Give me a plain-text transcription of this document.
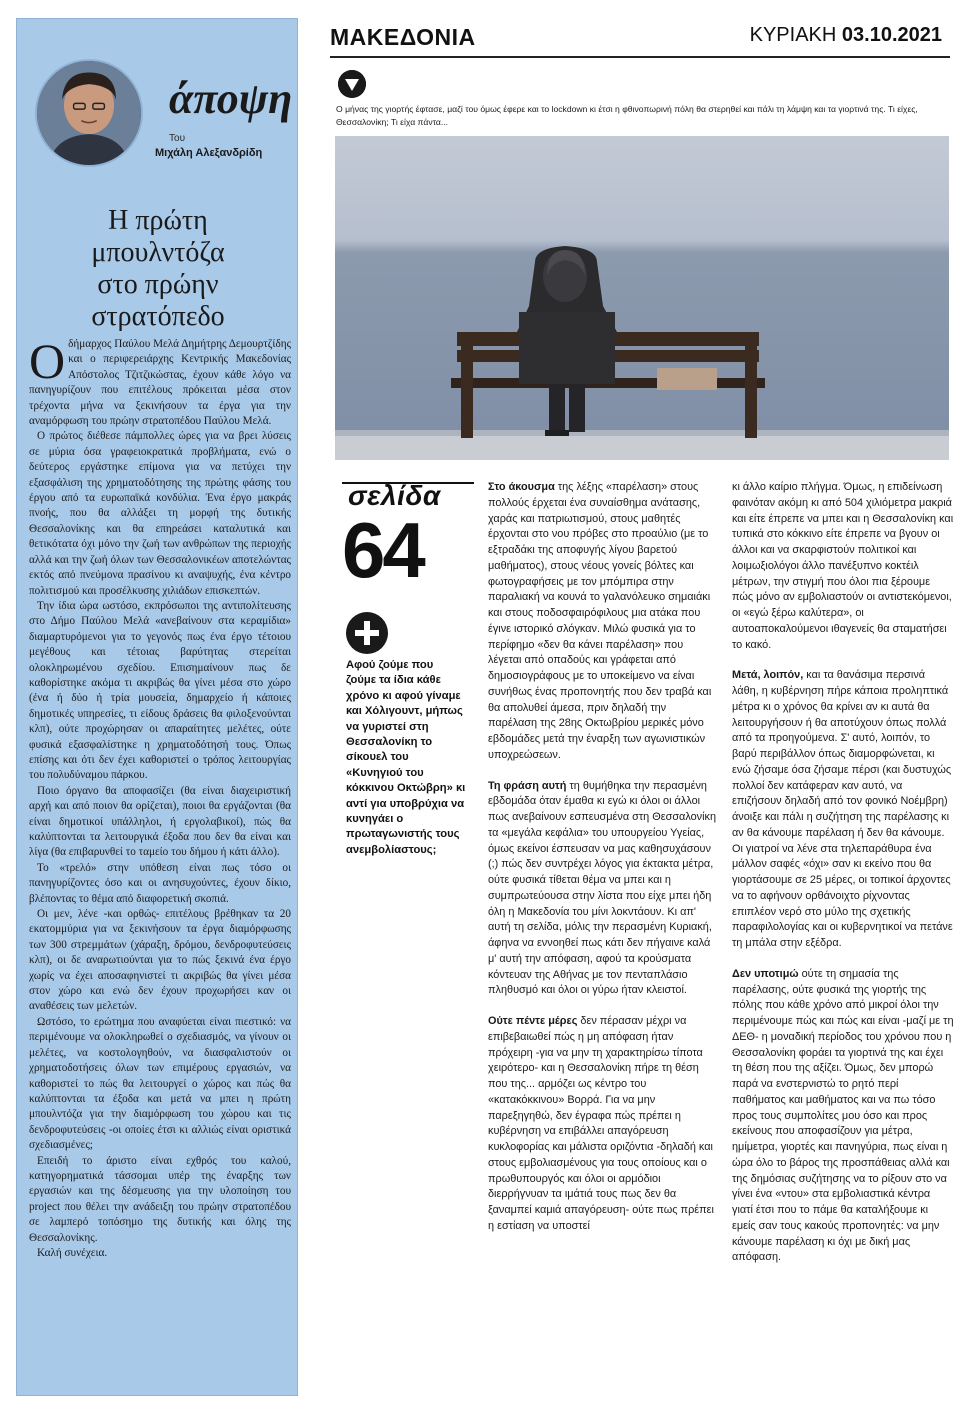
άποψη
Του
Μιχάλη Αλεξανδρίδη
Η πρώτη
μπουλντόζα
στο πρώην
στρατόπεδο

Ο δήμαρχος Παύλου Μελά Δημήτρης Δεμουρτζίδης και ο περιφερειάρχης Κεντρικής Μακεδονίας Απόστολος Τζιτζικώστας, έχουν κάθε λόγο να πανηγυρίζουν που επιτέλους πρόκειται μέσα στον τρέχοντα μήνα να ξεκινήσουν τα έργα για την αναμόρφωση του πρώην στρατοπέδου Παύλου Μελά.

Ο πρώτος διέθεσε πάμπολλες ώρες για να βρει λύσεις σε μύρια όσα γραφειοκρατικά προβλήματα, ενώ ο δεύτερος εργάστηκε επίμονα για να πετύχει την εξασφάλιση της χρηματοδότησης της πρώτης φάσης του έργου από τα ευρωπαϊκά κονδύλια. Ένα έργο μακράς πνοής, που θα αλλάξει τη μορφή της δυτικής Θεσσαλονίκης και θα επηρεάσει καταλυτικά και θετικότατα όχι μόνο την ζωή των ανθρώπων της περιοχής αλλά και την ζωή όλων των Θεσσαλονικέων αποτελώντας εκτός από πνεύμονα πρασίνου κι αναψυχής, ένα κέντρο πολιτισμού και προσέλκυσης χιλιάδων επισκεπτών.

Την ίδια ώρα ωστόσο, εκπρόσωποι της αντιπολίτευσης στο Δήμο Παύλου Μελά «ανεβαίνουν στα κεραμίδια» διαμαρτυρόμενοι για το γεγονός πως ένα έργο τέτοιου μεγέθους και τέτοιας βαρύτητας στερείται ολοκληρωμένου σχεδίου. Επισημαίνουν πως δε καθορίστηκε ακόμα τι ακριβώς θα γίνει μέσα στο χώρο (ένα ή δύο ή τρία μουσεία, δημαρχείο ή κάποιες δημοτικές υπηρεσίες, τι είδους δράσεις θα φιλοξενούνται κλπ), ούτε προχώρησαν οι απαραίτητες μελέτες, ούτε φυσικά εξασφαλίστηκε η χρηματοδότησή τους. Όπως επίσης και ότι δεν έχει καθοριστεί ο τρόπος λειτουργίας του πολυδύναμου πάρκου.

Ποιο όργανο θα αποφασίζει (θα είναι διαχειριστική αρχή και από ποιον θα ορίζεται), ποιοι θα εργάζονται (θα είναι δημοτικοί υπάλληλοι, ή εργολαβικοί), πώς θα καλύπτονται τα λειτουργικά έξοδα που δεν θα είναι και λίγα (θα επιβαρυνθεί το ταμείο του δήμου ή κάτι άλλο).

Το «τρελό» στην υπόθεση είναι πως τόσο οι πανηγυρίζοντες όσο και οι ανησυχούντες, έχουν δίκιο, βλέποντας το θέμα από διαφορετική σκοπιά.

Οι μεν, λένε -και ορθώς- επιτέλους βρέθηκαν τα 20 εκατομμύρια για να ξεκινήσουν τα έργα διαμόρφωσης των 300 στρεμμάτων (χάραξη, δρόμου, δενδροφυτεύσεις κλπ), οι δε αναρωτιούνται για το πώς ξεκινά ένα έργο χωρίς να έχει αποσαφηνιστεί τι ακριβώς θα γίνει μέσα στον χώρο και ενώ δεν έχουν προχωρήσει καν οι αναθέσεις των μελετών.

Ωστόσο, το ερώτημα που αναφύεται είναι πιεστικό: να περιμένουμε να ολοκληρωθεί ο σχεδιασμός, να γίνουν οι μελέτες, να κοστολογηθούν, να διασφαλιστούν οι χρηματοδοτήσεις όλων των επιμέρους εργασιών, να καθοριστεί το πώς θα λειτουργεί ο χώρος και πώς θα καλύπτονται τα έξοδα και μετά να μπει η πρώτη μπουλντόζα για την διαμόρφωση του χώρου και τις δενδροφυτεύσεις -οι οποίες έτσι κι αλλιώς είναι οριστικά σχεδιασμένες;

Επειδή το άριστο είναι εχθρός του καλού, κατηγορηματικά τάσσομαι υπέρ της έναρξης των εργασιών και της δέσμευσης για την υλοποίηση του project που θέλει την ανάδειξη του πρώην στρατοπέδου σε λαμπερό τοπόσημο της δυτικής και όλης της Θεσσαλονίκης.

Καλή συνέχεια.

ΜΑΚΕΔΟΝΙΑ	ΚΥΡΙΑΚΗ 03.10.2021
Ο μήνας της γιορτής έφτασε, μαζί του όμως έφερε και το lockdown κι έτσι η φθινοπωρινή πόλη θα στερηθεί και πάλι τη λάμψη και τα γιορτινά της. Τι είχες, Θεσσαλονίκη; Τι είχα πάντα...
σελίδα
64
Αφού ζούμε που ζούμε τα ίδια κάθε χρόνο κι αφού γίναμε και Χόλιγουντ, μήπως να γυριστεί στη Θεσσαλονίκη το σίκουελ του «Κυνηγιού του κόκκινου Οκτώβρη» κι αντί για υποβρύχια να κυνηγάει ο πρωταγωνιστής τους ανεμβολίαστους;

Στο άκουσμα της λέξης «παρέλαση» στους πολλούς έρχεται ένα συναίσθημα ανάτασης, χαράς και πατριωτισμού, στους μαθητές έρχονται στο νου πρόβες στο προαύλιο (με το εξτραδάκι της αποφυγής λίγου βαρετού μαθήματος), στους νέους γονείς βόλτες και φωτογραφήσεις με τον μπόμπιρα στην παραλιακή να κουνά το γαλανόλευκο σημαιάκι και στους ποδοσφαιρόφιλους μια ατάκα που έγινε ιστορικό σλόγκαν. Μιλώ φυσικά για το περίφημο «δεν θα κάνει παρέλαση» που λέγεται από οπαδούς και γράφεται από δημοσιογράφους με το υποκείμενο να είναι συνήθως ένας προπονητής που δεν τραβά και θα απολυθεί άμεσα, πριν δηλαδή την παρέλαση της 28ης Οκτωβρίου μερικές μόνο εβδομάδες μετά την έναρξη των αγωνιστικών υποχρεώσεων.

Τη φράση αυτή τη θυμήθηκα την περασμένη εβδομάδα όταν έμαθα κι εγώ κι όλοι οι άλλοι πως ανεβαίνουν εσπευσμένα στη Θεσσαλονίκη τα «μεγάλα κεφάλια» του υπουργείου Υγείας, όμως εκείνοι έσπευσαν να μας καθησυχάσουν (;) πώς δεν συντρέχει λόγος για έκτακτα μέτρα, ούτε φυσικά τίθεται θέμα να μπει και η συμπρωτεύουσα στην λίστα που είχε μπει ήδη όλη η Μακεδονία του μίνι λοκντάουν. Κι απ' αυτή τη σελίδα, μόλις την περασμένη Κυριακή, άφηνα να εννοηθεί πως κάτι δεν πήγαινε καλά μ' αυτή την απόφαση, αφού τα κρούσματα κόντευαν της Αθήνας με τον πενταπλάσιο πληθυσμό και όλοι οι γύρω ήταν κλειστοί.

Ούτε πέντε μέρες δεν πέρασαν μέχρι να επιβεβαιωθεί πώς η μη απόφαση ήταν πρόχειρη -για να μην τη χαρακτηρίσω τίποτα χειρότερο- και η Θεσσαλονίκη πήρε τη θέση που της... αρμόζει ως κέντρο του «κατακόκκινου» Βορρά. Για να μην παρεξηγηθώ, δεν έγραφα πώς πρέπει η κυβέρνηση να επιβάλλει απαγόρευση κυκλοφορίας και μάλιστα οριζόντια -δηλαδή και στους εμβολιασμένους για τους οποίους και ο πρωθυπουργός και όλοι οι αρμόδιοι διερρήγνυαν τα ιμάτιά τους πως δεν θα ξαναμπεί καμιά απαγόρευση- ούτε πως πρέπει η εστίαση να υποστεί

κι άλλο καίριο πλήγμα. Όμως, η επιδείνωση φαινόταν ακόμη κι από 504 χιλιόμετρα μακριά και είτε έπρεπε να μπει και η Θεσσαλονίκη και τυπικά στο κόκκινο είτε έπρεπε να βγουν οι άλλοι και να σκαρφιστούν πολιτικοί και λοιμωξιολόγοι άλλο πανέξυπνο κοκτέιλ μέτρων, την στιγμή που όλοι πια ξέρουμε πώς μόνο αν εμβολιαστούν οι αντιστεκόμενοι, οι «εγώ ξέρω καλύτερα», οι αυτοαποκαλούμενοι ιθαγενείς θα σταματήσει το κακό.

Μετά, λοιπόν, και τα θανάσιμα περσινά λάθη, η κυβέρνηση πήρε κάποια προληπτικά μέτρα κι ο χρόνος θα κρίνει αν κι αυτά θα λειτουργήσουν ή θα αποτύχουν όπως πολλά από τα προηγούμενα. Σ' αυτό, λοιπόν, το βαρύ περιβάλλον όπως διαμορφώνεται, κι ενώ ζήσαμε όσα ζήσαμε πέρσι (και δυστυχώς πολλοί δεν κατάφεραν καν αυτό, να επιζήσουν δηλαδή από τον φονικό Νοέμβρη) άνοιξε και πάλι η συζήτηση της παρέλασης κι αν θα κάνουμε παρέλαση ή δεν θα κάνουμε. Οι γιατροί να λένε στα τηλεπαράθυρα ένα μάλλον σαφές «όχι» σαν κι εκείνο που θα γιορτάσουμε σε 25 μέρες, οι τοπικοί άρχοντες να το αφήνουν ορθάνοιχτο ρίχνοντας επιπλέον νερό στο μύλο της σχετικής παραφιλολογίας και οι κυβερνητικοί να πετάνε τη μπάλα στην εξέδρα.

Δεν υποτιμώ ούτε τη σημασία της παρέλασης, ούτε φυσικά της γιορτής της πόλης που κάθε χρόνο από μικροί όλοι την περιμένουμε πώς και πώς και είναι -μαζί με τη ΔΕΘ- η μοναδική περίοδος του χρόνου που η Θεσσαλονίκη φοράει τα γιορτινά της και έχει τη θέση που της αξίζει. Όμως, δεν μπορώ παρά να ενστερνιστώ το ρητό περί παθήματος και μαθήματος και να πω τόσο προς τους συμπολίτες μου όσο και προς εκείνους που αποφασίζουν για μέτρα, ημίμετρα, γιορτές και πανηγύρια, πως είναι η ώρα όλο το βάρος της προσπάθειας αλλά και της δημόσιας συζήτησης να το ρίξουν στο να γίνει ένα «ντου» στα εμβολιαστικά κέντρα γιατί έτσι που το πάμε θα καταλήξουμε κι εμείς σαν τους κακούς προπονητές: να μην κάνουμε παρέλαση κι όχι με δική μας απόφαση.
